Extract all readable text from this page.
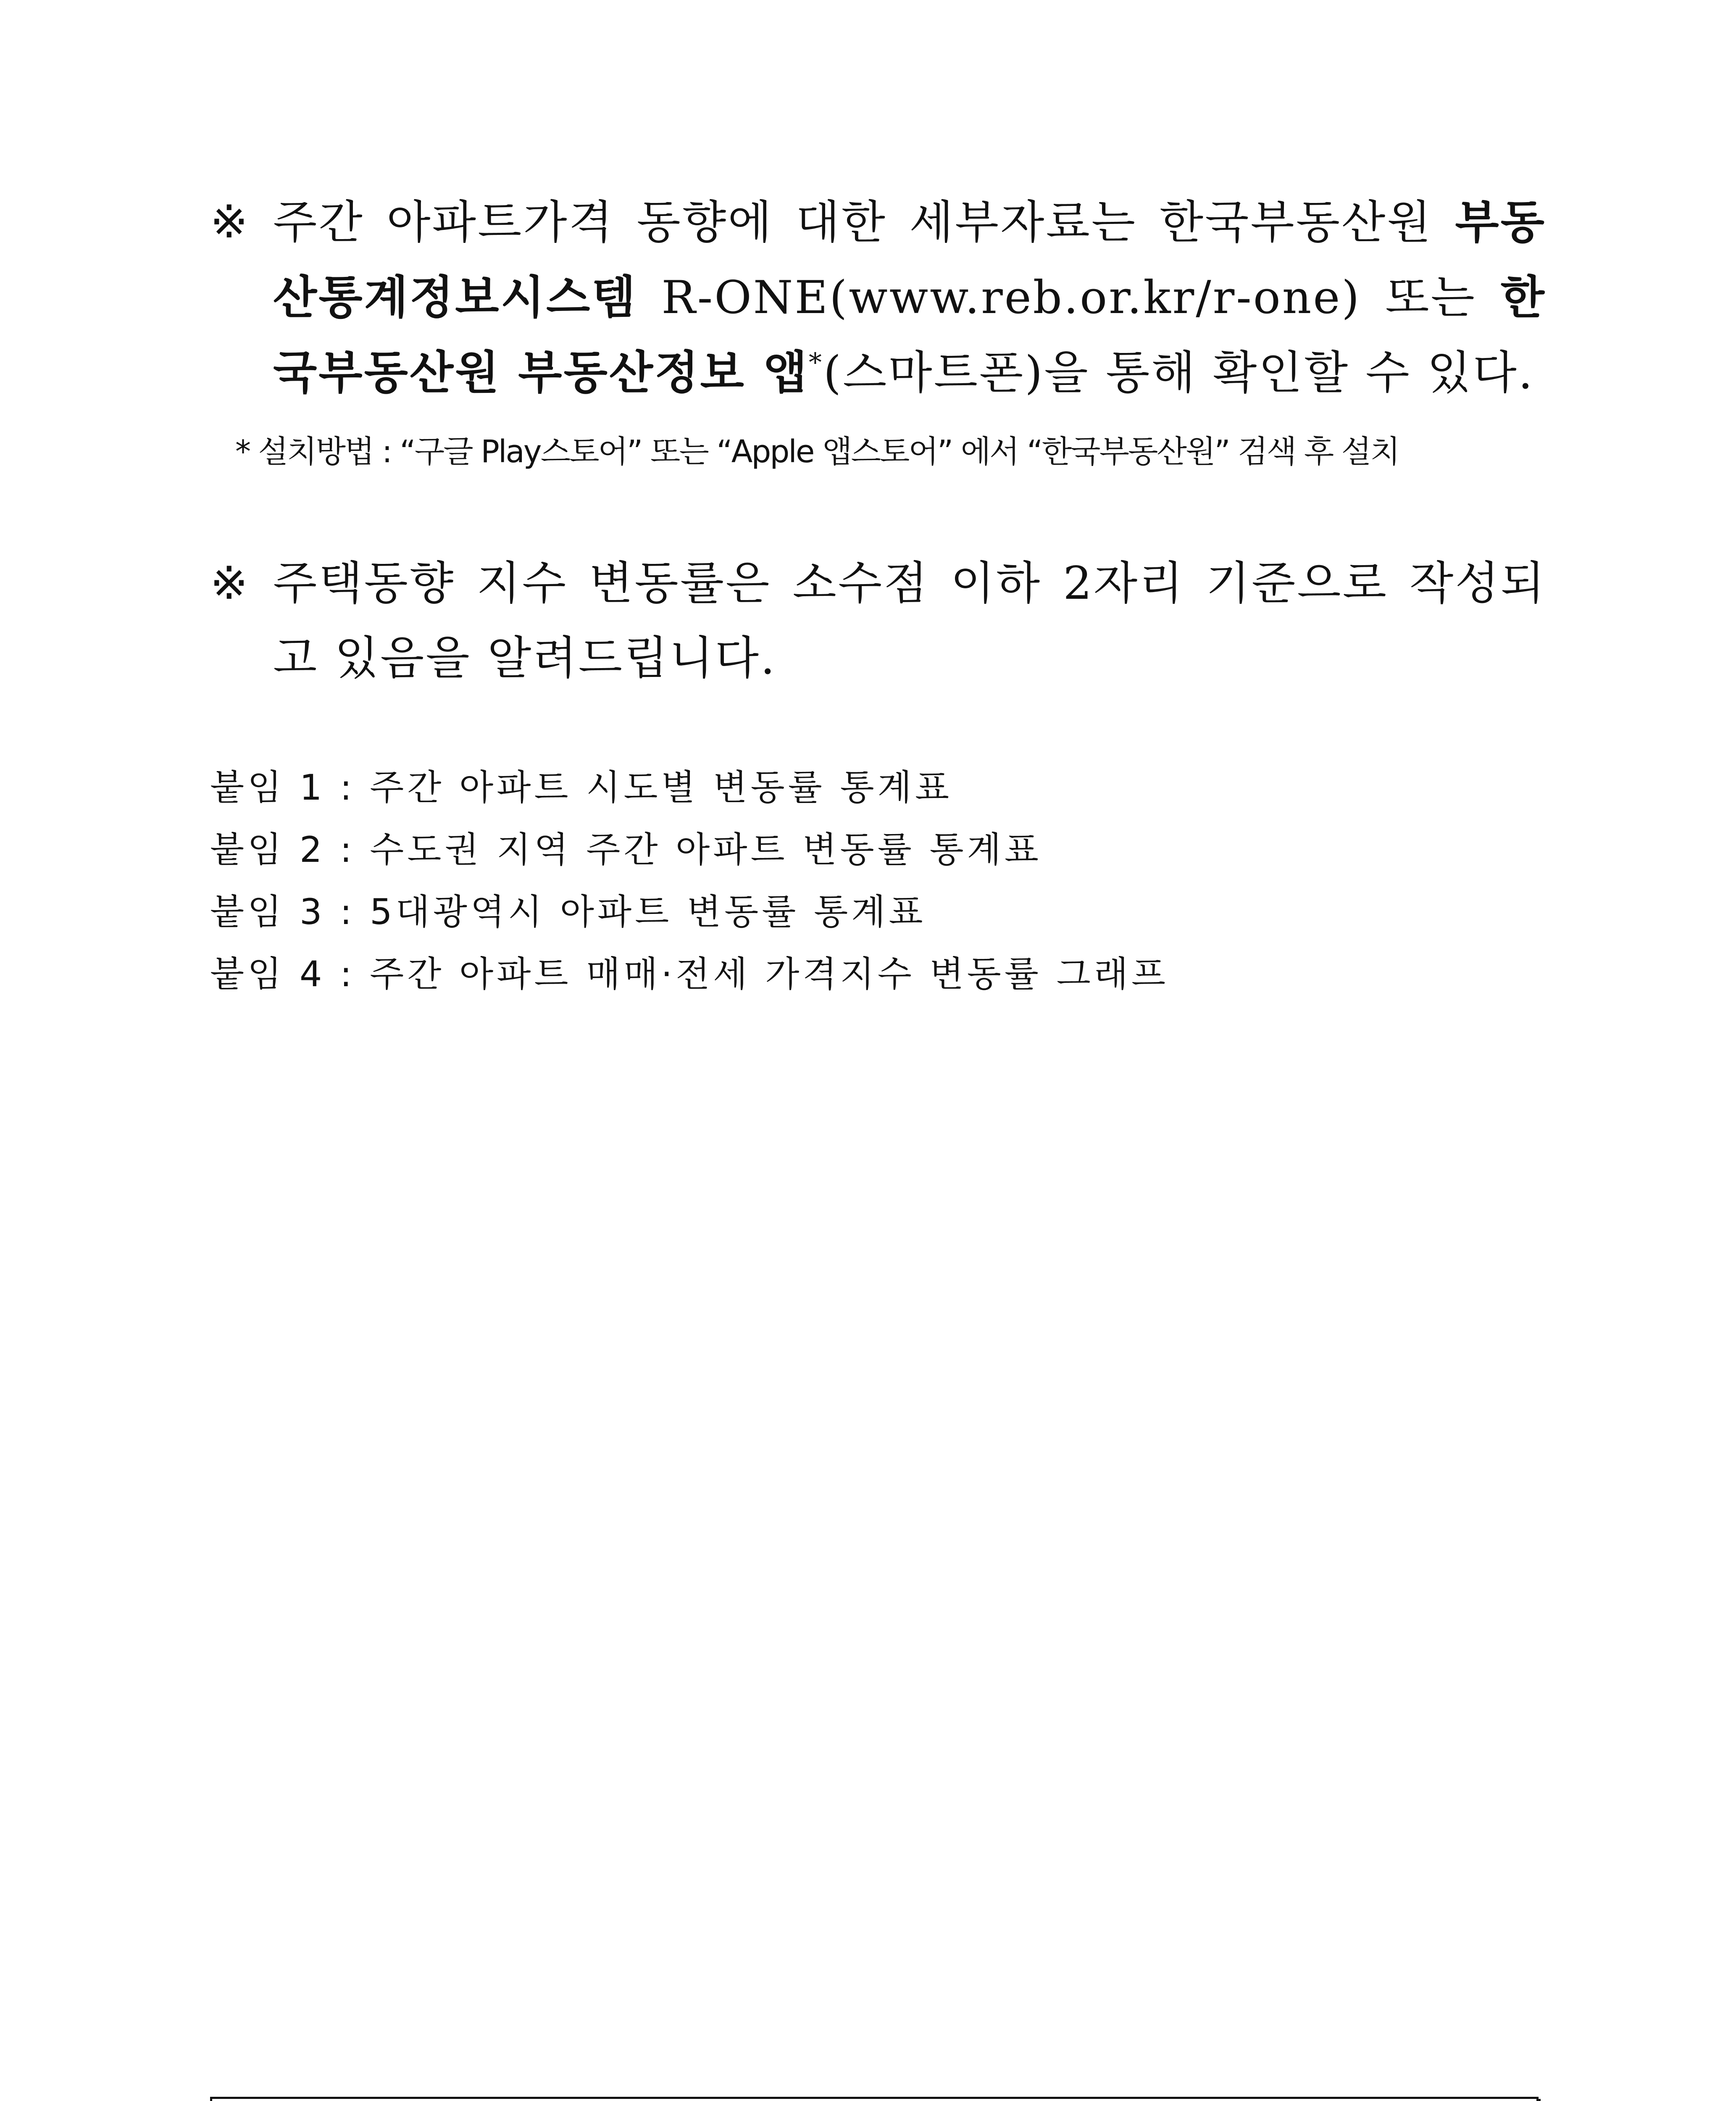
※ 주간 아파트가격 동향에 대한 세부자료는 한국부동산원 부동산통계정보시스템 R-ONE(www.reb.or.kr/r-one) 또는 한국부동산원 부동산정보 앱*(스마트폰)을 통해 확인할 수 있다.
* 설치방법 : “구글 Play스토어” 또는 “Apple 앱스토어” 에서 “한국부동산원” 검색 후 설치
※ 주택동향 지수 변동률은 소수점 이하 2자리 기준으로 작성되고 있음을 알려드립니다.
붙임 1 : 주간 아파트 시도별 변동률 통계표
붙임 2 : 수도권 지역 주간 아파트 변동률 통계표
붙임 3 : 5대광역시 아파트 변동률 통계표
붙임 4 : 주간 아파트 매매·전세 가격지수 변동률 그래프
